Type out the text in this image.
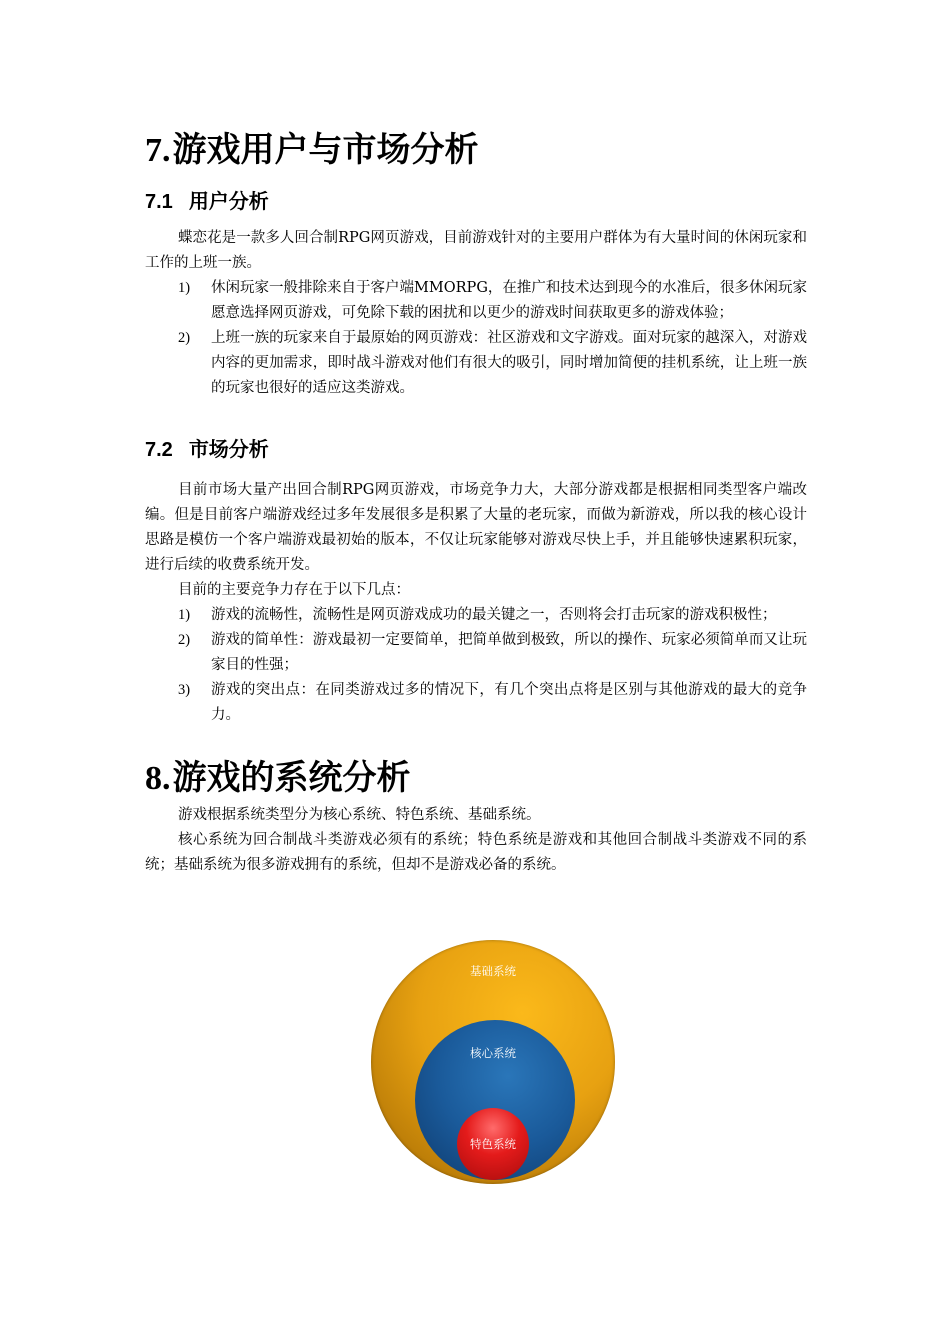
7.游戏用户与市场分析
7.1 用户分析

蝶恋花是一款多人回合制RPG网页游戏，目前游戏针对的主要用户群体为有大量时间的休闲玩家和工作的上班一族。

1) 休闲玩家一般排除来自于客户端MMORPG，在推广和技术达到现今的水准后，很多休闲玩家愿意选择网页游戏，可免除下载的困扰和以更少的游戏时间获取更多的游戏体验；
2) 上班一族的玩家来自于最原始的网页游戏：社区游戏和文字游戏。面对玩家的越深入，对游戏内容的更加需求，即时战斗游戏对他们有很大的吸引，同时增加简便的挂机系统，让上班一族的玩家也很好的适应这类游戏。
7.2 市场分析

目前市场大量产出回合制RPG网页游戏，市场竞争力大，大部分游戏都是根据相同类型客户端改编。但是目前客户端游戏经过多年发展很多是积累了大量的老玩家，而做为新游戏，所以我的核心设计思路是模仿一个客户端游戏最初始的版本，不仅让玩家能够对游戏尽快上手，并且能够快速累积玩家，进行后续的收费系统开发。

目前的主要竞争力存在于以下几点：

1) 游戏的流畅性，流畅性是网页游戏成功的最关键之一，否则将会打击玩家的游戏积极性；
2) 游戏的简单性：游戏最初一定要简单，把简单做到极致，所以的操作、玩家必须简单而又让玩家目的性强；
3) 游戏的突出点：在同类游戏过多的情况下，有几个突出点将是区别与其他游戏的最大的竞争力。
8.游戏的系统分析

游戏根据系统类型分为核心系统、特色系统、基础系统。

核心系统为回合制战斗类游戏必须有的系统；特色系统是游戏和其他回合制战斗类游戏不同的系统；基础系统为很多游戏拥有的系统，但却不是游戏必备的系统。

基础系统
核心系统
特色系统
